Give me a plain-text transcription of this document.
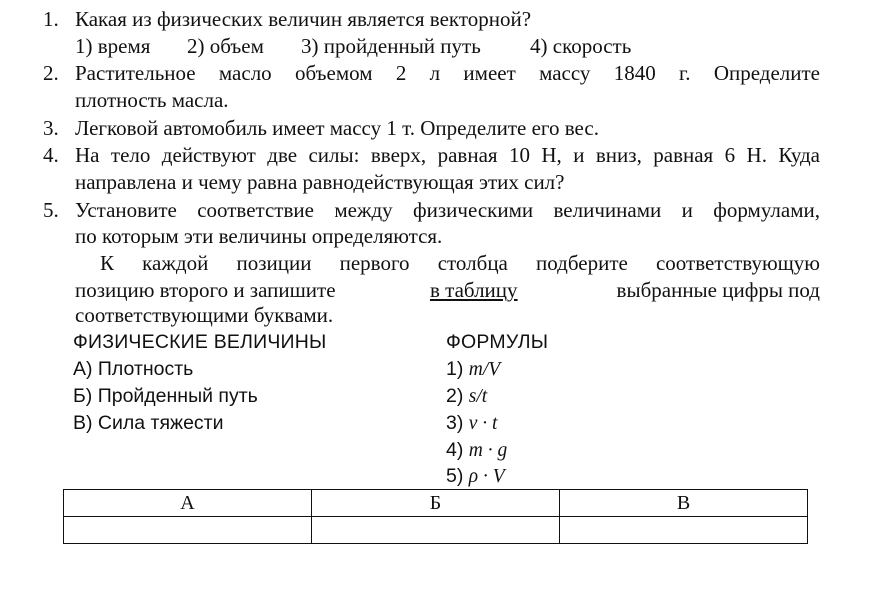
1. Какая из физических величин является векторной?
1) время 2) объем 3) пройденный путь 4) скорость
2. Растительное масло объемом 2 л имеет массу 1840 г. Определите
плотность масла.
3. Легковой автомобиль имеет массу 1 т. Определите его вес.
4. На тело действуют две силы: вверх, равная 10 Н, и вниз, равная 6 Н. Куда
направлена и чему равна равнодействующая этих сил?
5. Установите соответствие между физическими величинами и формулами,
по которым эти величины определяются.
К каждой позиции первого столбца подберите соответствующую
позицию второго и запишите	в таблицу	выбранные цифры под
соответствующими буквами.
ФИЗИЧЕСКИЕ ВЕЛИЧИНЫ
А) Плотность
Б) Пройденный путь
В) Сила тяжести
ФОРМУЛЫ
1) m/V
2) s/t
3) v · t
4) m · g
5) ρ · V
А	Б	В
